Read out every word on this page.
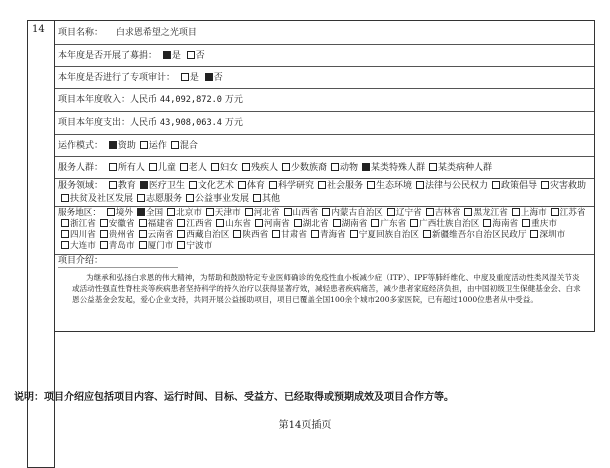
14	项目名称： 白求恩希望之光项目
本年度是否开展了募捐： 是 否
本年度是否进行了专项审计： 是 否
项目本年度收入：人民币 44,092,872.0 万元
项目本年度支出：人民币 43,908,063.4 万元
运作模式： 资助 运作 混合
服务人群： 所有人 儿童 老人 妇女 残疾人 少数族裔 动物 某类特殊人群 某类病种人群
服务领域： 教育 医疗卫生 文化艺术 体育 科学研究 社会服务 生态环境 法律与公民权力 政策倡导 灾害救助扶贫及社区发展 志愿服务 公益事业发展 其他
服务地区： 境外 全国 北京市 天津市 河北省 山西省 内蒙古自治区 辽宁省 吉林省 黑龙江省 上海市 江苏省浙江省 安徽省 福建省 江西省 山东省 河南省 湖北省 湖南省 广东省 广西壮族自治区 海南省 重庆市四川省 贵州省 云南省 西藏自治区 陕西省 甘肃省 青海省 宁夏回族自治区 新疆维吾尔自治区民政厅 深圳市大连市 青岛市 厦门市 宁波市
项目介绍：
为继承和弘扬白求恩的伟大精神，为帮助和鼓励特定专业医师确诊的免疫性血小板减少症（ITP）、IPF等肺纤维化、中度及重度活动性类风湿关节炎或活动性强直性脊柱炎等疾病患者坚持科学的持久治疗以获得显著疗效，减轻患者疾病痛苦，减少患者家庭经济负担，由中国初级卫生保健基金会、白求恩公益基金会发起，爱心企业支持，共同开展公益援助项目，项目已覆盖全国100余个城市200多家医院，已有超过1000位患者从中受益。
说明：项目介绍应包括项目内容、运行时间、目标、受益方、已经取得或预期成效及项目合作方等。
第14页插页
